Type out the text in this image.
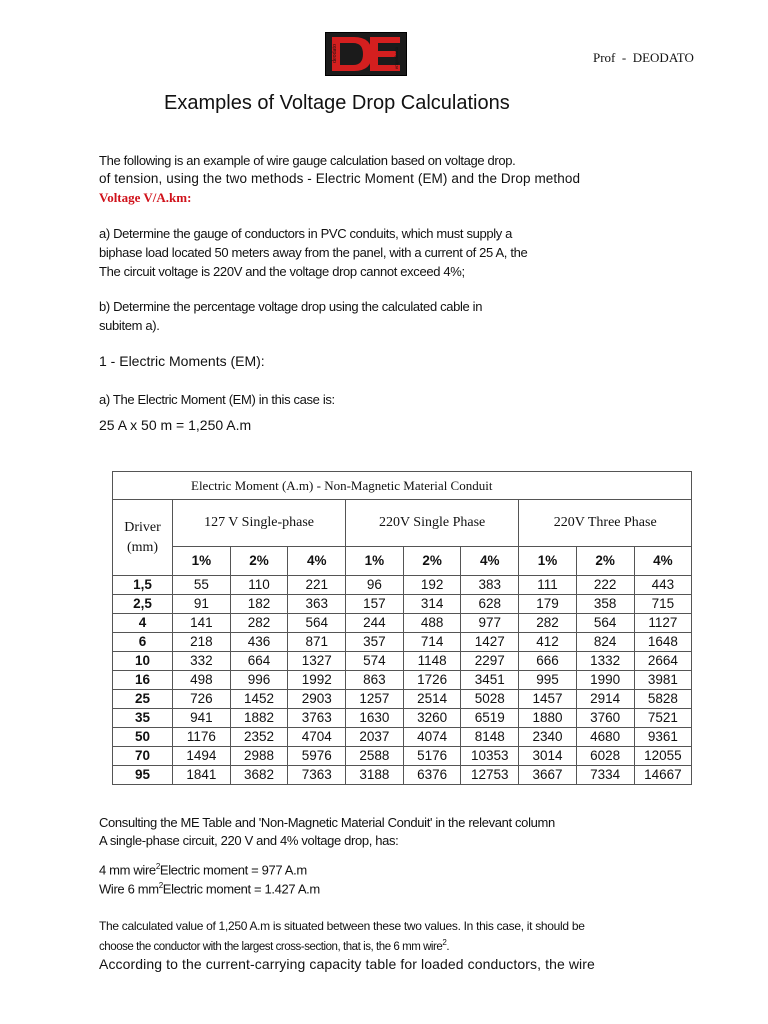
deodato	engenharia	Prof  -  DEODATO
Examples of Voltage Drop Calculations
The following is an example of wire gauge calculation based on voltage drop.
of tension, using the two methods - Electric Moment (EM) and the Drop method
Voltage V/A.km:
a) Determine the gauge of conductors in PVC conduits, which must supply a
biphase load located 50 meters away from the panel, with a current of 25 A, the
The circuit voltage is 220V and the voltage drop cannot exceed 4%;
b) Determine the percentage voltage drop using the calculated cable in
subitem a).
1 - Electric Moments (EM):
a) The Electric Moment (EM) in this case is:
25 A x 50 m = 1,250 A.m
Electric Moment (A.m) - Non-Magnetic Material Conduit									

Driver
(mm)	127 V Single-phase			220V Single Phase			220V Three Phase		
	1%	2%	4%	1%	2%	4%	1%	2%	4%
1,5	55	110	221	96	192	383	111	222	443
2,5	91	182	363	157	314	628	179	358	715
4	141	282	564	244	488	977	282	564	1127
6	218	436	871	357	714	1427	412	824	1648
10	332	664	1327	574	1148	2297	666	1332	2664
16	498	996	1992	863	1726	3451	995	1990	3981
25	726	1452	2903	1257	2514	5028	1457	2914	5828
35	941	1882	3763	1630	3260	6519	1880	3760	7521
50	1176	2352	4704	2037	4074	8148	2340	4680	9361
70	1494	2988	5976	2588	5176	10353	3014	6028	12055
95	1841	3682	7363	3188	6376	12753	3667	7334	14667
Consulting the ME Table and 'Non-Magnetic Material Conduit' in the relevant column
A single-phase circuit, 220 V and 4% voltage drop, has:
4 mm wire$^2$Electric moment = 977 A.m
Wire 6 $mm^2Electric$ moment = 1.427 A.m
The calculated value of 1,250 A.m is situated between these two values. In this case, it should be
choose the conductor with the largest cross-section, that is, the 6 mm wire$^2$.
According to the current-carrying capacity table for loaded conductors, the wire
